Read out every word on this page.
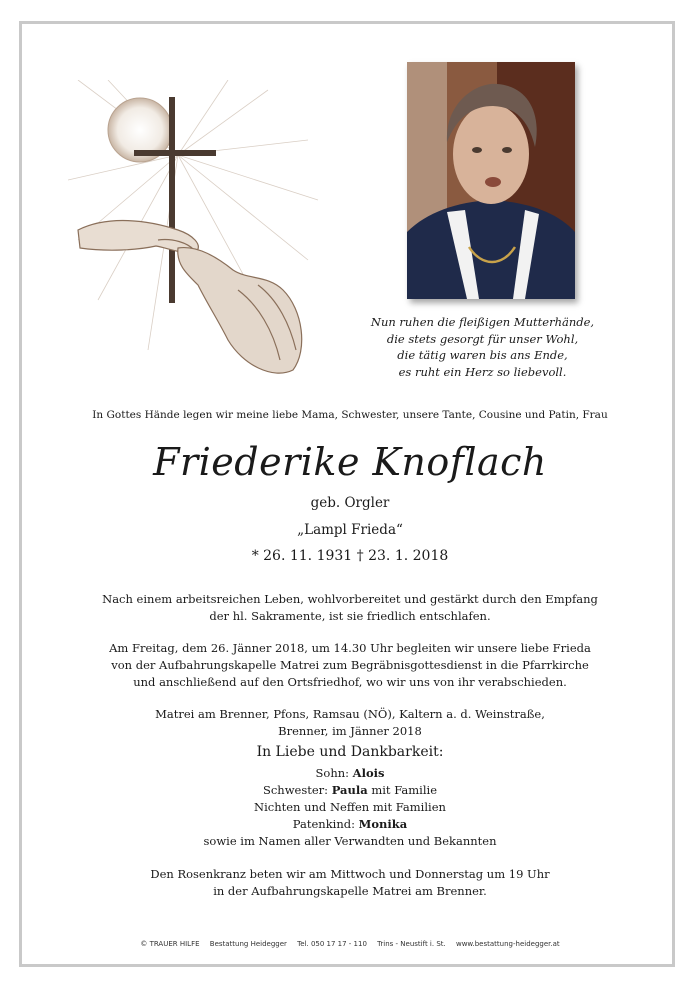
Nun ruhen die fleißigen Mutterhände,
die stets gesorgt für unser Wohl,
die tätig waren bis ans Ende,
es ruht ein Herz so liebevoll.
In Gottes Hände legen wir meine liebe Mama, Schwester, unsere Tante, Cousine und Patin, Frau
Friederike Knoflach
geb. Orgler
„Lampl Frieda“
* 26. 11. 1931 † 23. 1. 2018
Nach einem arbeitsreichen Leben, wohlvorbereitet und gestärkt durch den Empfang
der hl. Sakramente, ist sie friedlich entschlafen.
Am Freitag, dem 26. Jänner 2018, um 14.30 Uhr begleiten wir unsere liebe Frieda
von der Aufbahrungskapelle Matrei zum Begräbnisgottesdienst in die Pfarrkirche
und anschließend auf den Ortsfriedhof, wo wir uns von ihr verabschieden.
Matrei am Brenner, Pfons, Ramsau (NÖ), Kaltern a. d. Weinstraße,
Brenner, im Jänner 2018
In Liebe und Dankbarkeit:
Sohn: Alois
Schwester: Paula mit Familie
Nichten und Neffen mit Familien
Patenkind: Monika
sowie im Namen aller Verwandten und Bekannten
Den Rosenkranz beten wir am Mittwoch und Donnerstag um 19 Uhr
in der Aufbahrungskapelle Matrei am Brenner.
© TRAUER HILFE Bestattung Heidegger Tel. 050 17 17 - 110 Trins - Neustift i. St. www.bestattung-heidegger.at
